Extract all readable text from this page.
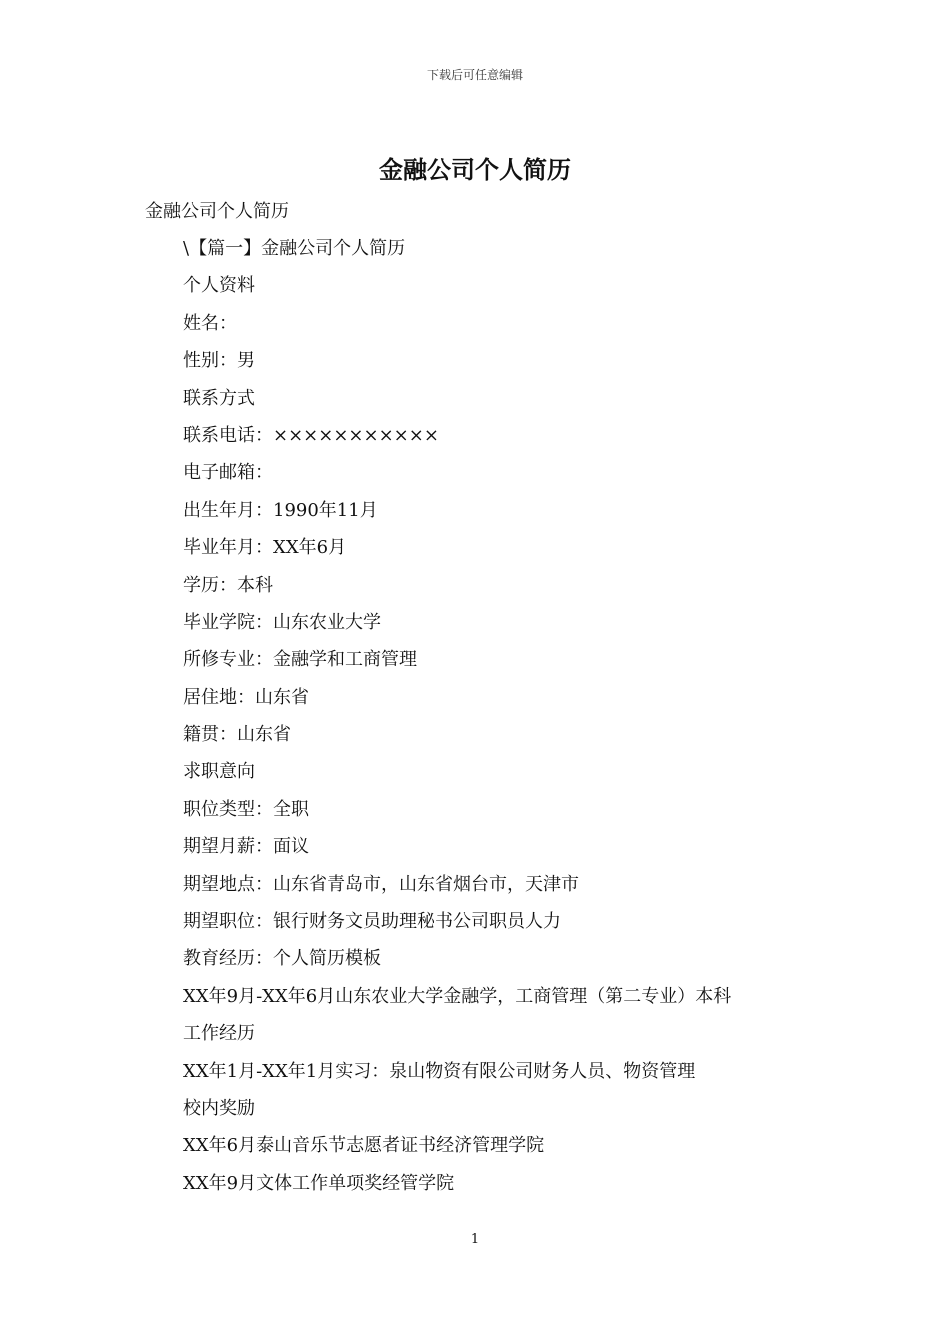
下载后可任意编辑
金融公司个人简历
金融公司个人简历
\【篇一】金融公司个人简历
个人资料
姓名：
性别：男
联系方式
联系电话：×××××××××××
电子邮箱：
出生年月：1990年11月
毕业年月：XX年6月
学历：本科
毕业学院：山东农业大学
所修专业：金融学和工商管理
居住地：山东省
籍贯：山东省
求职意向
职位类型：全职
期望月薪：面议
期望地点：山东省青岛市，山东省烟台市，天津市
期望职位：银行财务文员助理秘书公司职员人力
教育经历：个人简历模板
XX年9月-XX年6月山东农业大学金融学，工商管理（第二专业）本科
工作经历
XX年1月-XX年1月实习：泉山物资有限公司财务人员、物资管理
校内奖励
XX年6月泰山音乐节志愿者证书经济管理学院
XX年9月文体工作单项奖经管学院
1
